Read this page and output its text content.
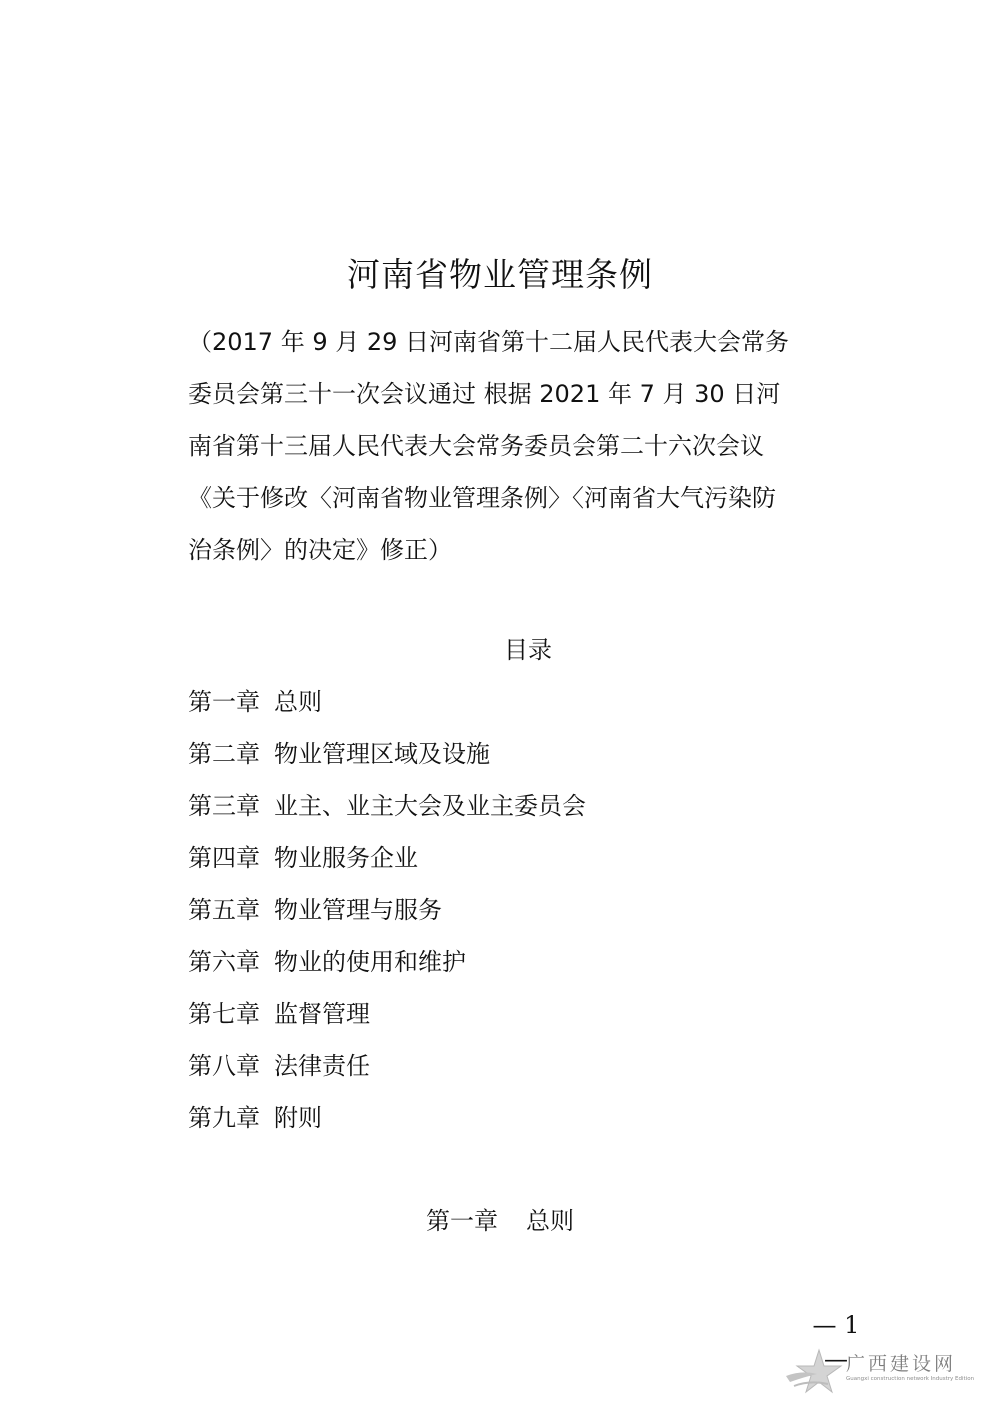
河南省物业管理条例

（2017 年 9 月 29 日河南省第十二届人民代表大会常务
委员会第三十一次会议通过 根据 2021 年 7 月 30 日河
南省第十三届人民代表大会常务委员会第二十六次会议
《关于修改〈河南省物业管理条例〉〈河南省大气污染防
治条例〉的决定》修正）

目录
第一章 总则
第二章 物业管理区域及设施
第三章 业主、业主大会及业主委员会
第四章 物业服务企业
第五章 物业管理与服务
第六章 物业的使用和维护
第七章 监督管理
第八章 法律责任
第九章 附则
第一章 总则
— 1 —
广西建设网
Guangxi construction network Industry Edition
